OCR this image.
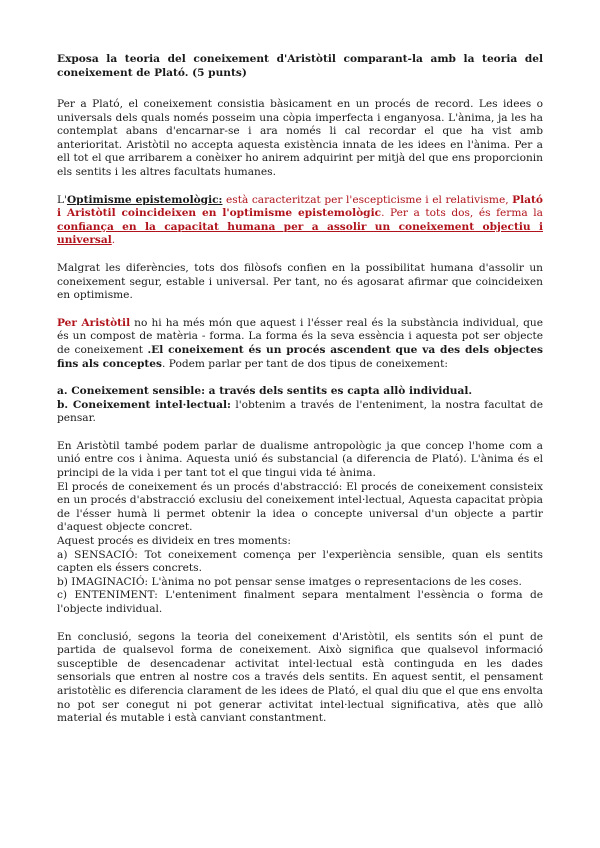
Exposa la teoria del coneixement d'Aristòtil comparant-la amb la teoria del coneixement de Plató. (5 punts)

Per a Plató, el coneixement consistia bàsicament en un procés de record. Les idees o universals dels quals només posseim una còpia imperfecta i enganyosa. L'ànima, ja les ha contemplat abans d'encarnar-se i ara només li cal recordar el que ha vist amb anterioritat. Aristòtil no accepta aquesta existència innata de les idees en l'ànima. Per a ell tot el que arribarem a conèixer ho anirem adquirint per mitjà del que ens proporcionin els sentits i les altres facultats humanes.

L'Optimisme epistemològic: està caracteritzat per l'escepticisme i el relativisme, Plató i Aristòtil coincideixen en l'optimisme epistemològic. Per a tots dos, és ferma la confiança en la capacitat humana per a assolir un coneixement objectiu i universal.

Malgrat les diferències, tots dos filòsofs confien en la possibilitat humana d'assolir un coneixement segur, estable i universal. Per tant, no és agosarat afirmar que coincideixen en optimisme.

Per Aristòtil no hi ha més món que aquest i l'ésser real és la substància individual, que és un compost de matèria - forma. La forma és la seva essència i aquesta pot ser objecte de coneixement .El coneixement és un procés ascendent que va des dels objectes fins als conceptes. Podem parlar per tant de dos tipus de coneixement:

a. Coneixement sensible: a través dels sentits es capta allò individual.

b. Coneixement intel·lectual: l'obtenim a través de l'enteniment, la nostra facultat de pensar.

En Aristòtil també podem parlar de dualisme antropològic ja que concep l'home com a unió entre cos i ànima. Aquesta unió és substancial (a diferencia de Plató). L'ànima és el principi de la vida i per tant tot el que tingui vida té ànima.

El procés de coneixement és un procés d'abstracció: El procés de coneixement consisteix en un procés d'abstracció exclusiu del coneixement intel·lectual, Aquesta capacitat pròpia de l'ésser humà li permet obtenir la idea o concepte universal d'un objecte a partir d'aquest objecte concret.

Aquest procés es divideix en tres moments:

a) SENSACIÓ: Tot coneixement comença per l'experiència sensible, quan els sentits capten els éssers concrets.

b) IMAGINACIÓ: L'ànima no pot pensar sense imatges o representacions de les coses.

c) ENTENIMENT: L'enteniment finalment separa mentalment l'essència o forma de l'objecte individual.

En conclusió, segons la teoria del coneixement d'Aristòtil, els sentits són el punt de partida de qualsevol forma de coneixement. Això significa que qualsevol informació susceptible de desencadenar activitat intel·lectual està continguda en les dades sensorials que entren al nostre cos a través dels sentits. En aquest sentit, el pensament aristotèlic es diferencia clarament de les idees de Plató, el qual diu que el que ens envolta no pot ser conegut ni pot generar activitat intel·lectual significativa, atès que allò material és mutable i està canviant constantment.
